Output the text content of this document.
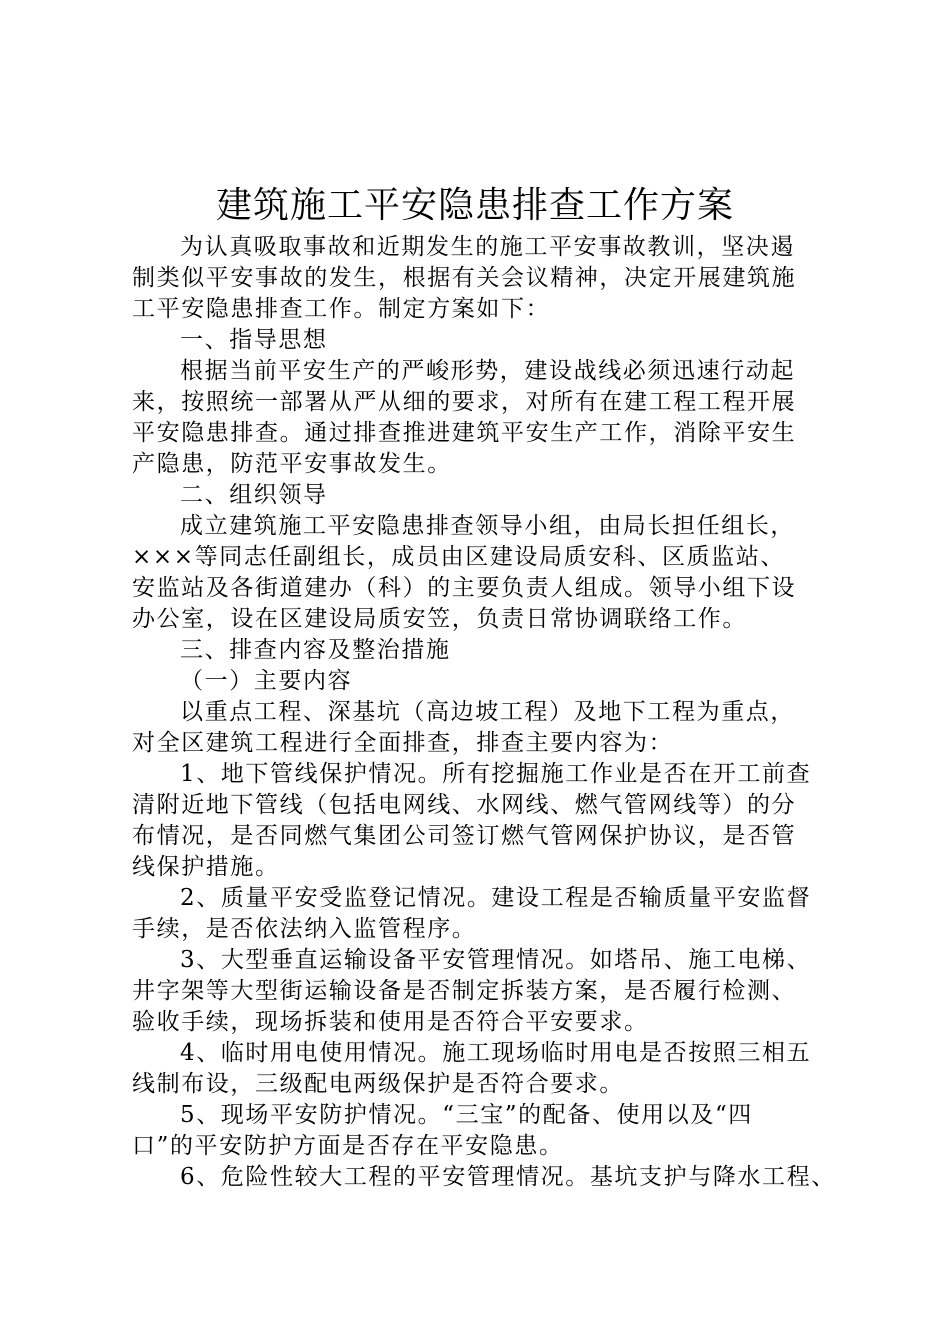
建筑施工平安隐患排查工作方案
为认真吸取事故和近期发生的施工平安事故教训，坚决遏
制类似平安事故的发生，根据有关会议精神，决定开展建筑施
工平安隐患排查工作。制定方案如下：
一、指导思想
根据当前平安生产的严峻形势，建设战线必须迅速行动起
来，按照统一部署从严从细的要求，对所有在建工程工程开展
平安隐患排查。通过排查推进建筑平安生产工作，消除平安生
产隐患，防范平安事故发生。
二、组织领导
成立建筑施工平安隐患排查领导小组，由局长担任组长，
×××等同志任副组长，成员由区建设局质安科、区质监站、
安监站及各街道建办（科）的主要负责人组成。领导小组下设
办公室，设在区建设局质安笠，负责日常协调联络工作。
三、排查内容及整治措施
（一）主要内容
以重点工程、深基坑（高边坡工程）及地下工程为重点，
对全区建筑工程进行全面排查，排查主要内容为：
1、地下管线保护情况。所有挖掘施工作业是否在开工前查
清附近地下管线（包括电网线、水网线、燃气管网线等）的分
布情况，是否同燃气集团公司签订燃气管网保护协议，是否管
线保护措施。
2、质量平安受监登记情况。建设工程是否输质量平安监督
手续，是否依法纳入监管程序。
3、大型垂直运输设备平安管理情况。如塔吊、施工电梯、
井字架等大型街运输设备是否制定拆装方案，是否履行检测、
验收手续，现场拆装和使用是否符合平安要求。
4、临时用电使用情况。施工现场临时用电是否按照三相五
线制布设，三级配电两级保护是否符合要求。
5、现场平安防护情况。“三宝”的配备、使用以及“四
口”的平安防护方面是否存在平安隐患。
6、危险性较大工程的平安管理情况。基坑支护与降水工程、
